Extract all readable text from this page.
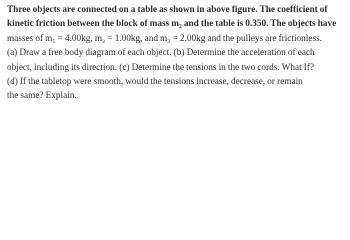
Three objects are connected on a table as shown in above figure. The coefficient of
kinetic friction between the block of mass m₂ and the table is 0.350. The objects have
masses of m₁ = 4.00kg, m₂ = 1.00kg, and m₃ = 2.00kg and the pulleys are frictionless.
(a) Draw a free body diagram of each object. (b) Determine the acceleration of each
object, including its direction. (c) Determine the tensions in the two cords. What If?
(d) If the tabletop were smooth, would the tensions increase, decrease, or remain
the same? Explain.
